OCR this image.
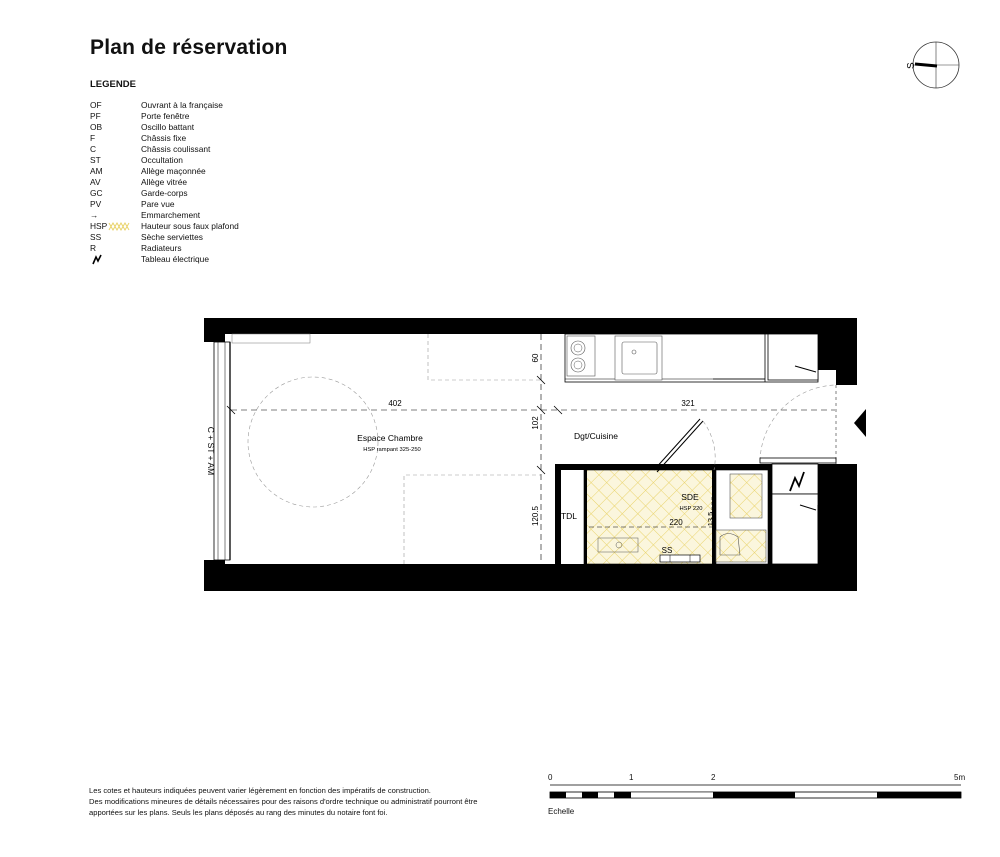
Plan de réservation
LEGENDE
OF	Ouvrant à la française
PF	Porte fenêtre
OB	Oscillo battant
F	Châssis fixe
C	Châssis coulissant
ST	Occultation
AM	Allège maçonnée
AV	Allège vitrée
GC	Garde-corps
PV	Pare vue
→	Emmarchement
HSP	Hauteur sous faux plafond
SS	Sèche serviettes
R	Radiateurs
Tableau électrique
S
C + ST + AM
402	321
60
102
120.5
Espace Chambre
HSP rampant 325-250
Dgt/Cuisine
SDE
HSP 220
220	13.5
TDL
SS
Les cotes et hauteurs indiquées peuvent varier légèrement en fonction des impératifs de construction.
Des modifications mineures de détails nécessaires pour des raisons d'ordre technique ou administratif pourront être
apportées sur les plans. Seuls les plans déposés au rang des minutes du notaire font foi.
0	1	2	5m
Echelle
